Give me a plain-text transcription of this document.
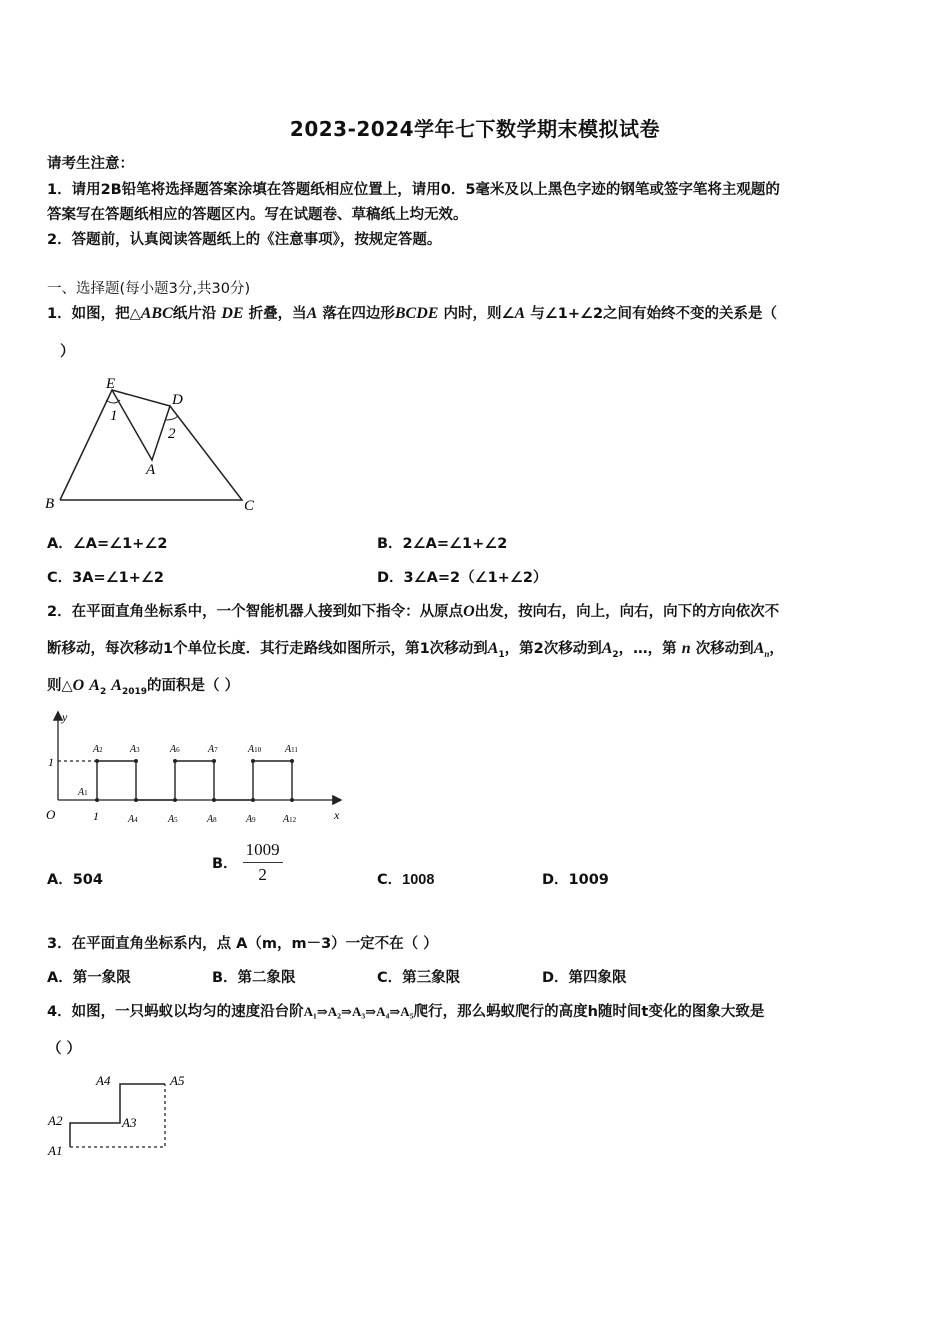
2023-2024学年七下数学期末模拟试卷
请考生注意：
1．请用2B铅笔将选择题答案涂填在答题纸相应位置上，请用0．5毫米及以上黑色字迹的钢笔或签字笔将主观题的
答案写在答题纸相应的答题区内。写在试题卷、草稿纸上均无效。
2．答题前，认真阅读答题纸上的《注意事项》，按规定答题。
一、选择题(每小题3分,共30分)
1．如图，把△ABC纸片沿 DE 折叠，当A 落在四边形BCDE 内时，则∠A 与∠1+∠2之间有始终不变的关系是（
）
E
D
A
B	C
1
2
A．∠A=∠1+∠2	B．2∠A=∠1+∠2
C．3A=∠1+∠2	D．3∠A=2（∠1+∠2）
2．在平面直角坐标系中，一个智能机器人接到如下指令：从原点O出发，按向右，向上，向右，向下的方向依次不
断移动，每次移动1个单位长度．其行走路线如图所示，第1次移动到$A_1$，第2次移动到$A_2$，…，第 n 次移动到$A_n$，
则△O $A_2$ $A_{2019}$的面积是（ ）
y
x
O
1
1
A1
A2	A3
A4	A5
A6	A7
A8	A9
A10 A11
A12
A．504
B． $\frac{1009}{2}$	C．1008	D．1009
3．在平面直角坐标系内，点 A（m，m－3）一定不在（ ）
A．第一象限	B．第二象限	C．第三象限	D．第四象限
4．如图，一只蚂蚁以均匀的速度沿台阶A₁⇒A₂⇒A₃⇒A₄⇒A₅爬行，那么蚂蚁爬行的高度h随时间t变化的图象大致是
（ ）
A1
A2	A3
A4	A5
